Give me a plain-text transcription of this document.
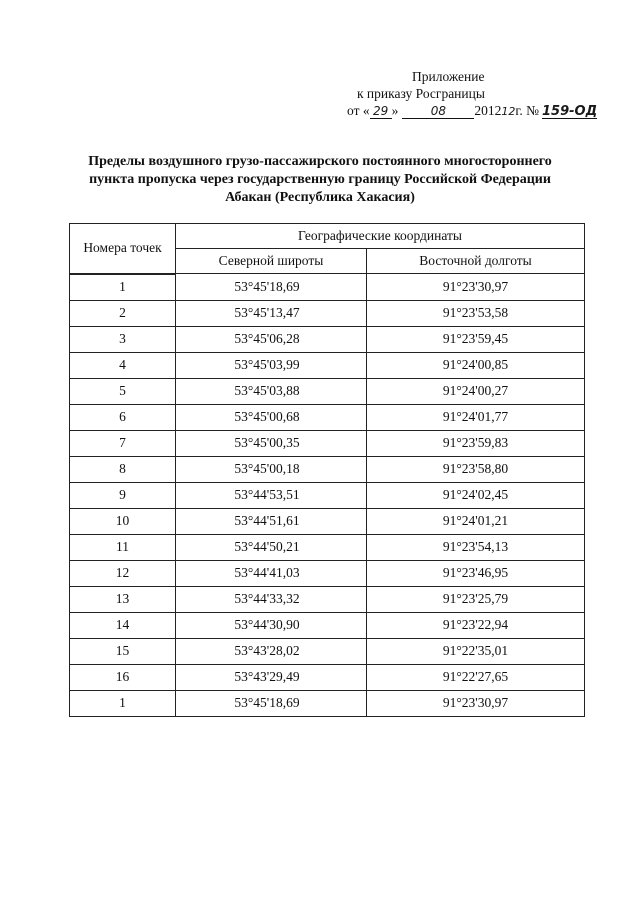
Приложение
к приказу Росграницы
от « 29 »	08 201212г. № 159-ОД
Пределы воздушного грузо-пассажирского постоянного многостороннего
пункта пропуска через государственную границу Российской Федерации
Абакан (Республика Хакасия)
Номера точек	Географические координаты	
	Северной широты	Восточной долготы
1	53°45'18,69	91°23'30,97
2	53°45'13,47	91°23'53,58
3	53°45'06,28	91°23'59,45
4	53°45'03,99	91°24'00,85
5	53°45'03,88	91°24'00,27
6	53°45'00,68	91°24'01,77
7	53°45'00,35	91°23'59,83
8	53°45'00,18	91°23'58,80
9	53°44'53,51	91°24'02,45
10	53°44'51,61	91°24'01,21
11	53°44'50,21	91°23'54,13
12	53°44'41,03	91°23'46,95
13	53°44'33,32	91°23'25,79
14	53°44'30,90	91°23'22,94
15	53°43'28,02	91°22'35,01
16	53°43'29,49	91°22'27,65
1	53°45'18,69	91°23'30,97
